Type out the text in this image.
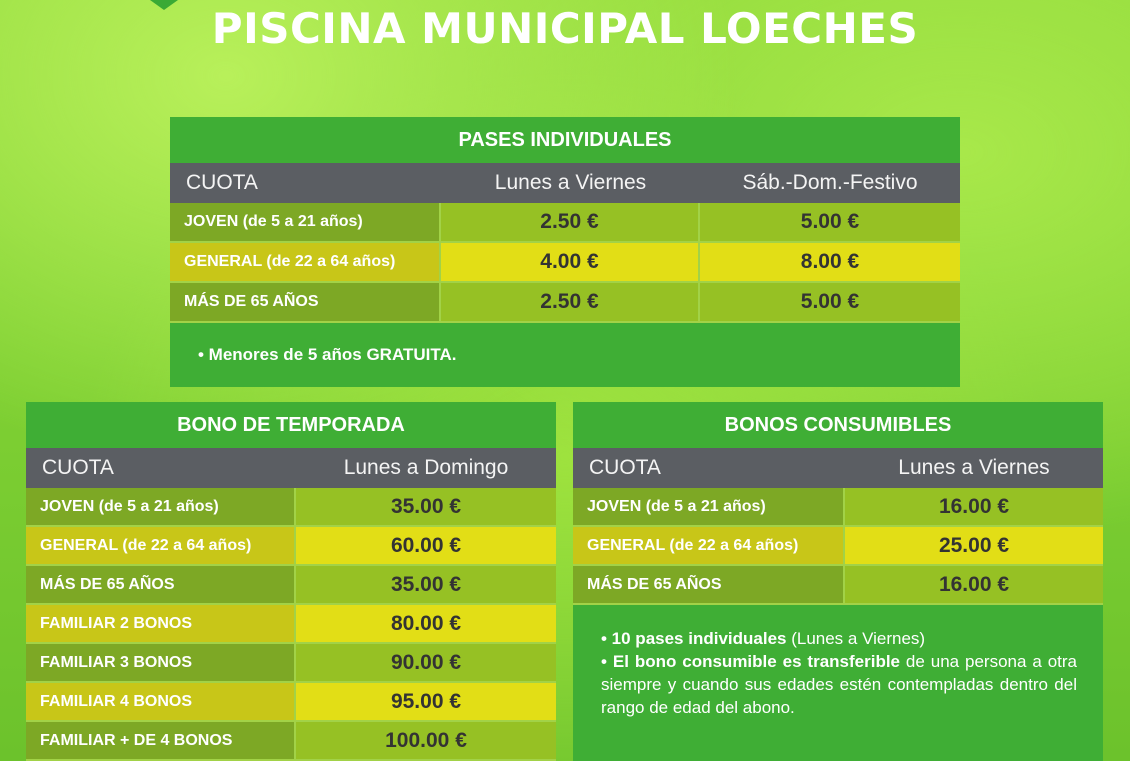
PISCINA MUNICIPAL LOECHES
PASES INDIVIDUALES
CUOTA	Lunes a Viernes	Sáb.-Dom.-Festivo
JOVEN (de 5 a 21 años)	2.50 €	5.00 €
GENERAL (de 22 a 64 años)	4.00 €	8.00 €
MÁS DE 65 AÑOS	2.50 €	5.00 €
• Menores de 5 años GRATUITA.
BONO DE TEMPORADA
CUOTA	Lunes a Domingo
JOVEN (de 5 a 21 años)	35.00 €
GENERAL (de 22 a 64 años)	60.00 €
MÁS DE 65 AÑOS	35.00 €
FAMILIAR 2 BONOS	80.00 €
FAMILIAR 3 BONOS	90.00 €
FAMILIAR 4 BONOS	95.00 €
FAMILIAR + DE 4 BONOS	100.00 €
BONOS CONSUMIBLES
CUOTA	Lunes a Viernes
JOVEN (de 5 a 21 años)	16.00 €
GENERAL (de 22 a 64 años)	25.00 €
MÁS DE 65 AÑOS	16.00 €
• 10 pases individuales (Lunes a Viernes)
• El bono consumible es transferible de una persona a otra siempre y cuando sus edades estén contempladas dentro del rango de edad del abono.
